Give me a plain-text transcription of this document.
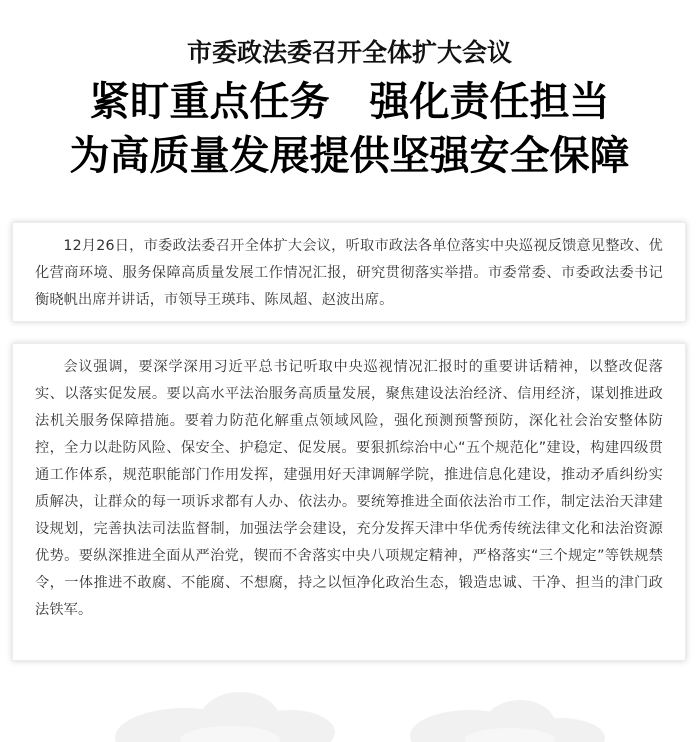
市委政法委召开全体扩大会议
紧盯重点任务　强化责任担当
为高质量发展提供坚强安全保障

12月26日，市委政法委召开全体扩大会议，听取市政法各单位落实中央巡视反馈意见整改、优化营商环境、服务保障高质量发展工作情况汇报，研究贯彻落实举措。市委常委、市委政法委书记衡晓帆出席并讲话，市领导王瑛玮、陈凤超、赵波出席。

会议强调，要深学深用习近平总书记听取中央巡视情况汇报时的重要讲话精神，以整改促落实、以落实促发展。要以高水平法治服务高质量发展，聚焦建设法治经济、信用经济，谋划推进政法机关服务保障措施。要着力防范化解重点领域风险，强化预测预警预防，深化社会治安整体防控，全力以赴防风险、保安全、护稳定、促发展。要狠抓综治中心“五个规范化”建设，构建四级贯通工作体系，规范职能部门作用发挥，建强用好天津调解学院，推进信息化建设，推动矛盾纠纷实质解决，让群众的每一项诉求都有人办、依法办。要统筹推进全面依法治市工作，制定法治天津建设规划，完善执法司法监督制，加强法学会建设，充分发挥天津中华优秀传统法律文化和法治资源优势。要纵深推进全面从严治党，锲而不舍落实中央八项规定精神，严格落实“三个规定”等铁规禁令，一体推进不敢腐、不能腐、不想腐，持之以恒净化政治生态，锻造忠诚、干净、担当的津门政法铁军。
